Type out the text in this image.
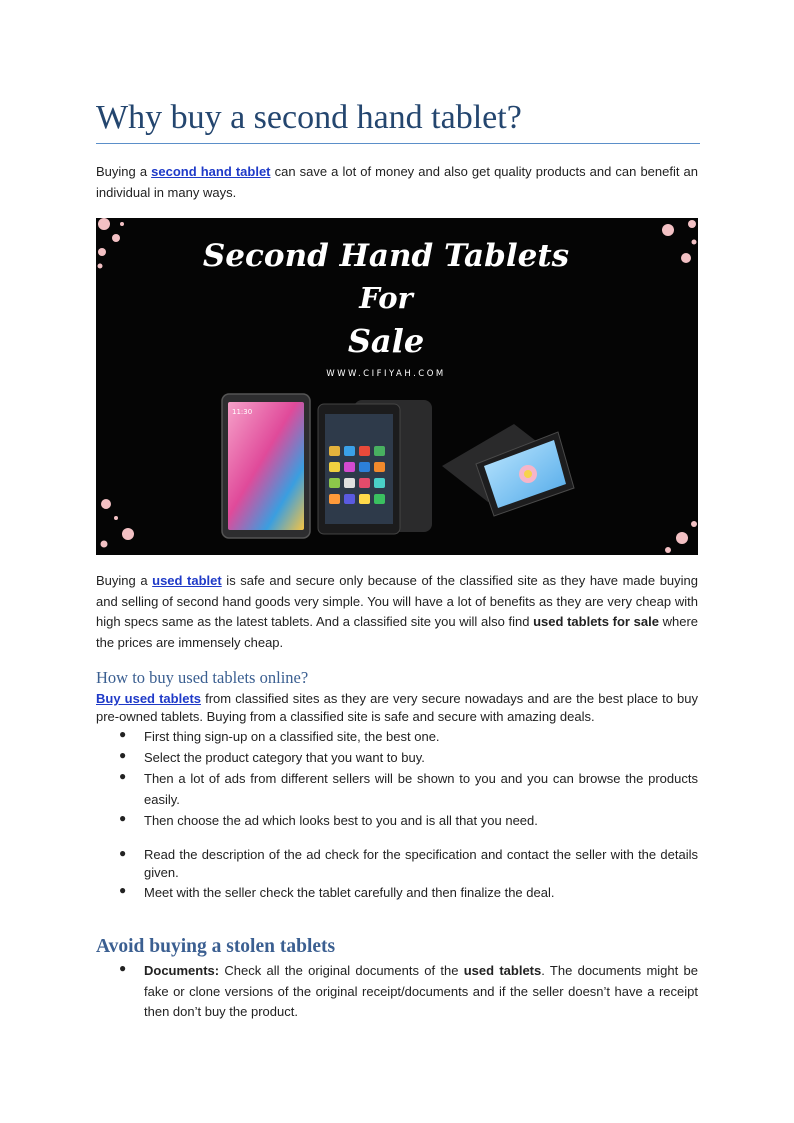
Why buy a second hand tablet?
Buying a second hand tablet can save a lot of money and also get quality products and can benefit an individual in many ways.
Second Hand Tablets
For
Sale
WWW.CIFIYAH.COM
11:30
Buying a used tablet is safe and secure only because of the classified site as they have made buying and selling of second hand goods very simple. You will have a lot of benefits as they are very cheap with high specs same as the latest tablets. And a classified site you will also find used tablets for sale where the prices are immensely cheap.
How to buy used tablets online?
Buy used tablets from classified sites as they are very secure nowadays and are the best place to buy pre-owned tablets. Buying from a classified site is safe and secure with amazing deals.
● First thing sign-up on a classified site, the best one.
● Select the product category that you want to buy.
● Then a lot of ads from different sellers will be shown to you and you can browse the products easily.
● Then choose the ad which looks best to you and is all that you need.
● Read the description of the ad check for the specification and contact the seller with the details given.
● Meet with the seller check the tablet carefully and then finalize the deal.
Avoid buying a stolen tablets
● Documents: Check all the original documents of the used tablets. The documents might be fake or clone versions of the original receipt/documents and if the seller doesn’t have a receipt then don’t buy the product.
